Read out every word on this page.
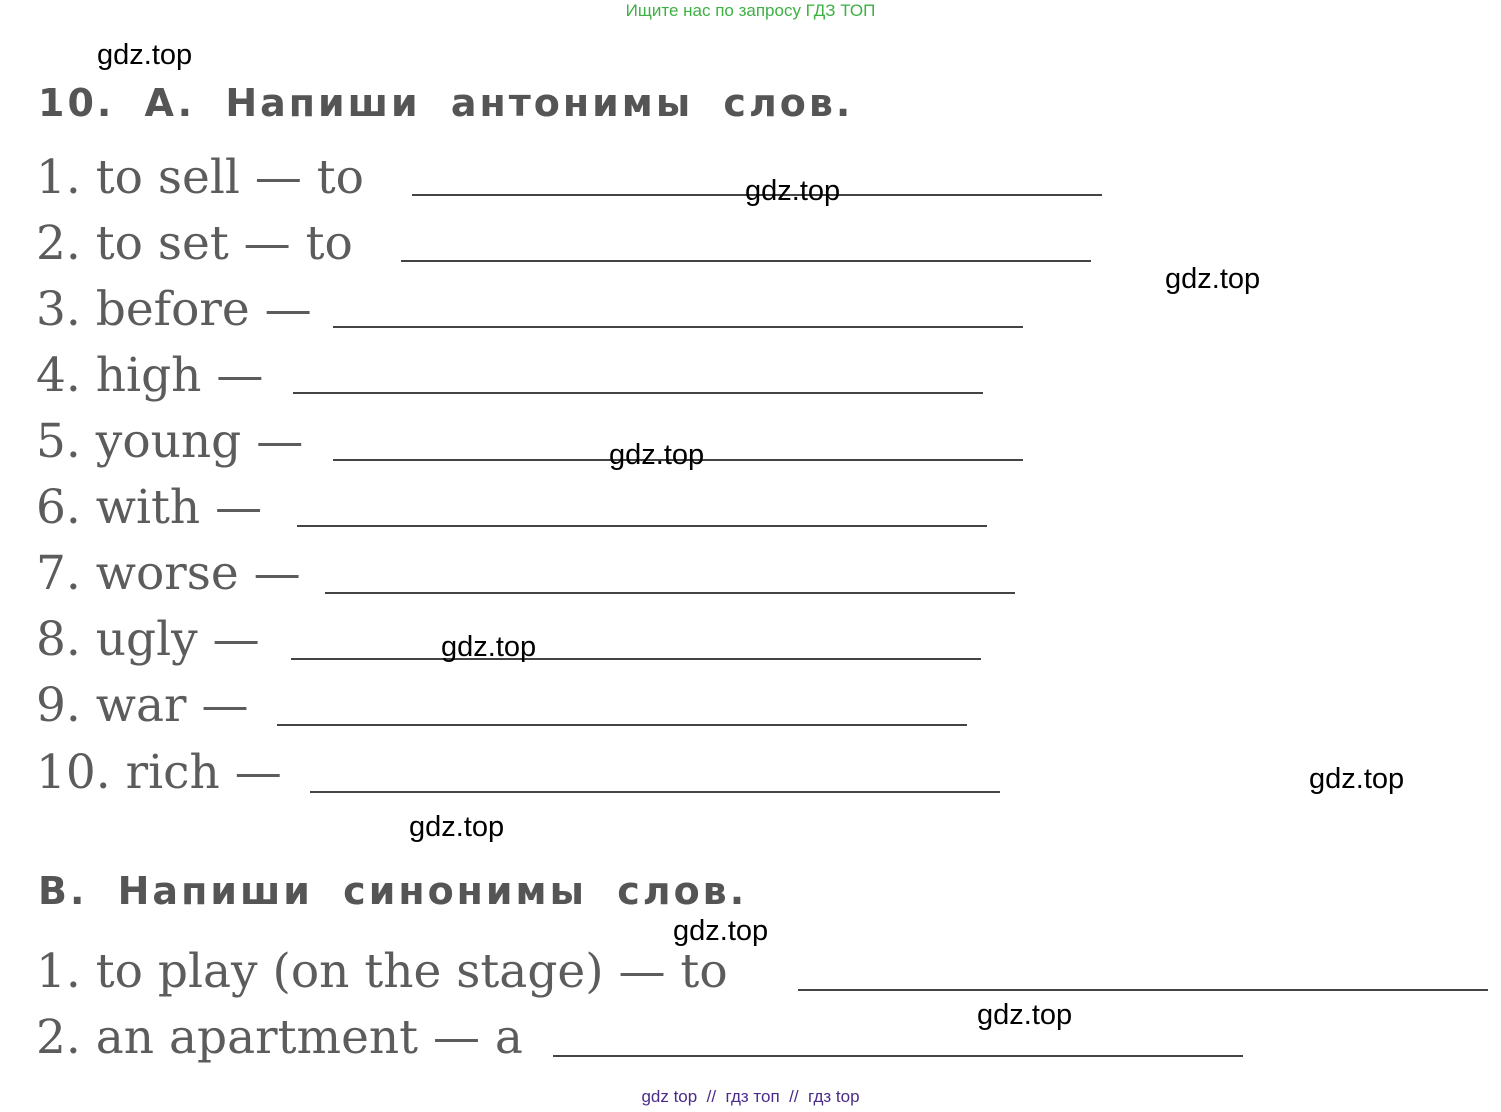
Ищите нас по запросу ГДЗ ТОП
10. A. Напиши антонимы слов.
1. to sell — to
2. to set — to
3. before —
4. high —
5. young —
6. with —
7. worse —
8. ugly —
9. war —
10. rich —
B. Напиши синонимы слов.
1. to play (on the stage) — to
2. an apartment — a
gdz.top
gdz.top
gdz.top
gdz.top
gdz.top
gdz.top
gdz.top
gdz.top
gdz.top
gdz top  //  гдз топ  //  гдз top
